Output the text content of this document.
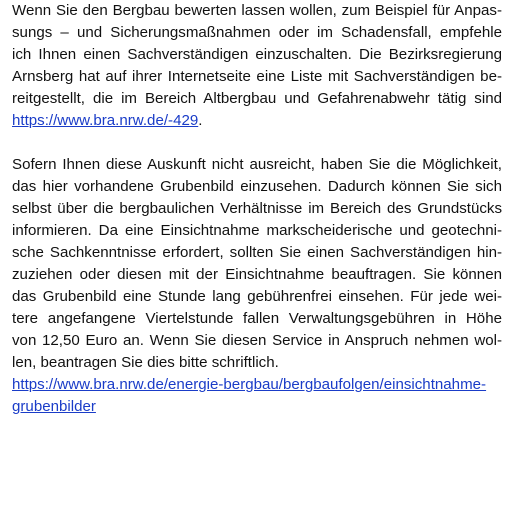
Wenn Sie den Bergbau bewerten lassen wollen, zum Beispiel für Anpas-
sungs – und Sicherungsmaßnahmen oder im Schadensfall, empfehle
ich Ihnen einen Sachverständigen einzuschalten. Die Bezirksregierung
Arnsberg hat auf ihrer Internetseite eine Liste mit Sachverständigen be-
reitgestellt, die im Bereich Altbergbau und Gefahrenabwehr tätig sind
https://www.bra.nrw.de/-429.
Sofern Ihnen diese Auskunft nicht ausreicht, haben Sie die Möglichkeit,
das hier vorhandene Grubenbild einzusehen. Dadurch können Sie sich
selbst über die bergbaulichen Verhältnisse im Bereich des Grundstücks
informieren. Da eine Einsichtnahme markscheiderische und geotechni-
sche Sachkenntnisse erfordert, sollten Sie einen Sachverständigen hin-
zuziehen oder diesen mit der Einsichtnahme beauftragen. Sie können
das Grubenbild eine Stunde lang gebührenfrei einsehen. Für jede wei-
tere angefangene Viertelstunde fallen Verwaltungsgebühren in Höhe
von 12,50 Euro an. Wenn Sie diesen Service in Anspruch nehmen wol-
len, beantragen Sie dies bitte schriftlich.
https://www.bra.nrw.de/energie-bergbau/bergbaufolgen/einsichtnahme-
grubenbilder
